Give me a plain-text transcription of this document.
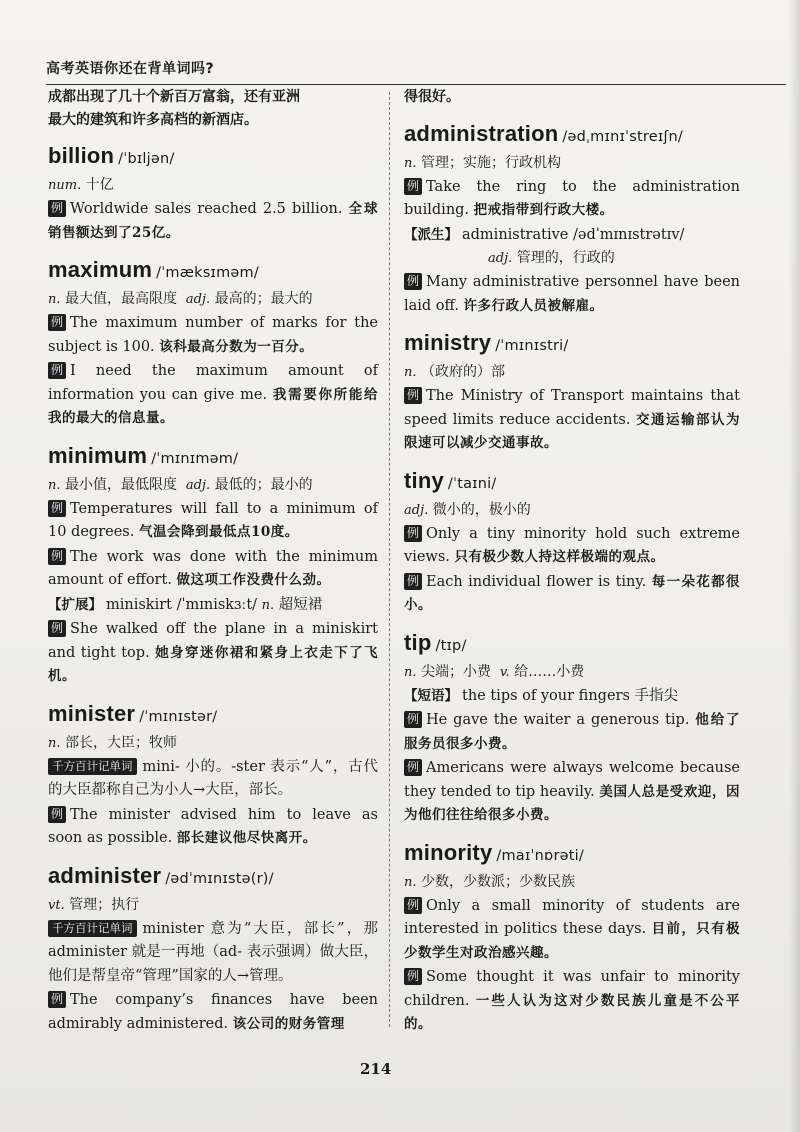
高考英语你还在背单词吗?

成都出现了几十个新百万富翁，还有亚洲

最大的建筑和许多高档的新酒店。

billion /ˈbɪljən/

num. 十亿

例 Worldwide sales reached 2.5 billion. 全球销售额达到了25亿。

maximum /ˈmæksɪməm/

n. 最大值，最高限度 adj. 最高的；最大的

例 The maximum number of marks for the subject is 100. 该科最高分数为一百分。

例 I need the maximum amount of information you can give me. 我需要你所能给我的最大的信息量。

minimum /ˈmɪnɪməm/

n. 最小值，最低限度 adj. 最低的；最小的

例 Temperatures will fall to a minimum of 10 degrees. 气温会降到最低点10度。

例 The work was done with the minimum amount of effort. 做这项工作没费什么劲。

【扩展】 miniskirt /ˈmɪniskɜːt/ n. 超短裙

例 She walked off the plane in a miniskirt and tight top. 她身穿迷你裙和紧身上衣走下了飞机。

minister /ˈmɪnɪstər/

n. 部长，大臣；牧师

千方百计记单词 mini- 小的。-ster 表示“人”，古代的大臣都称自己为小人→大臣，部长。

例 The minister advised him to leave as soon as possible. 部长建议他尽快离开。

administer /ədˈmɪnɪstə(r)/

vt. 管理；执行

千方百计记单词 minister 意为“大臣，部长”，那 administer 就是一再地（ad- 表示强调）做大臣，他们是帮皇帝“管理”国家的人→管理。

例 The company’s finances have been admirably administered. 该公司的财务管理

得很好。

administration /ədˌmɪnɪˈstreɪʃn/

n. 管理；实施；行政机构

例 Take the ring to the administration building. 把戒指带到行政大楼。

【派生】 administrative /ədˈmɪnɪstrətɪv/
adj. 管理的，行政的

例 Many administrative personnel have been laid off. 许多行政人员被解雇。

ministry /ˈmɪnɪstri/

n. （政府的）部

例 The Ministry of Transport maintains that speed limits reduce accidents. 交通运输部认为限速可以减少交通事故。

tiny /ˈtaɪni/

adj. 微小的，极小的

例 Only a tiny minority hold such extreme views. 只有极少数人持这样极端的观点。

例 Each individual flower is tiny. 每一朵花都很小。

tip /tɪp/

n. 尖端；小费 v. 给……小费

【短语】 the tips of your fingers 手指尖

例 He gave the waiter a generous tip. 他给了服务员很多小费。

例 Americans were always welcome because they tended to tip heavily. 美国人总是受欢迎，因为他们往往给很多小费。

minority /maɪˈnɒrəti/

n. 少数，少数派；少数民族

例 Only a small minority of students are interested in politics these days. 目前，只有极少数学生对政治感兴趣。

例 Some thought it was unfair to minority children. 一些人认为这对少数民族儿童是不公平的。

214
